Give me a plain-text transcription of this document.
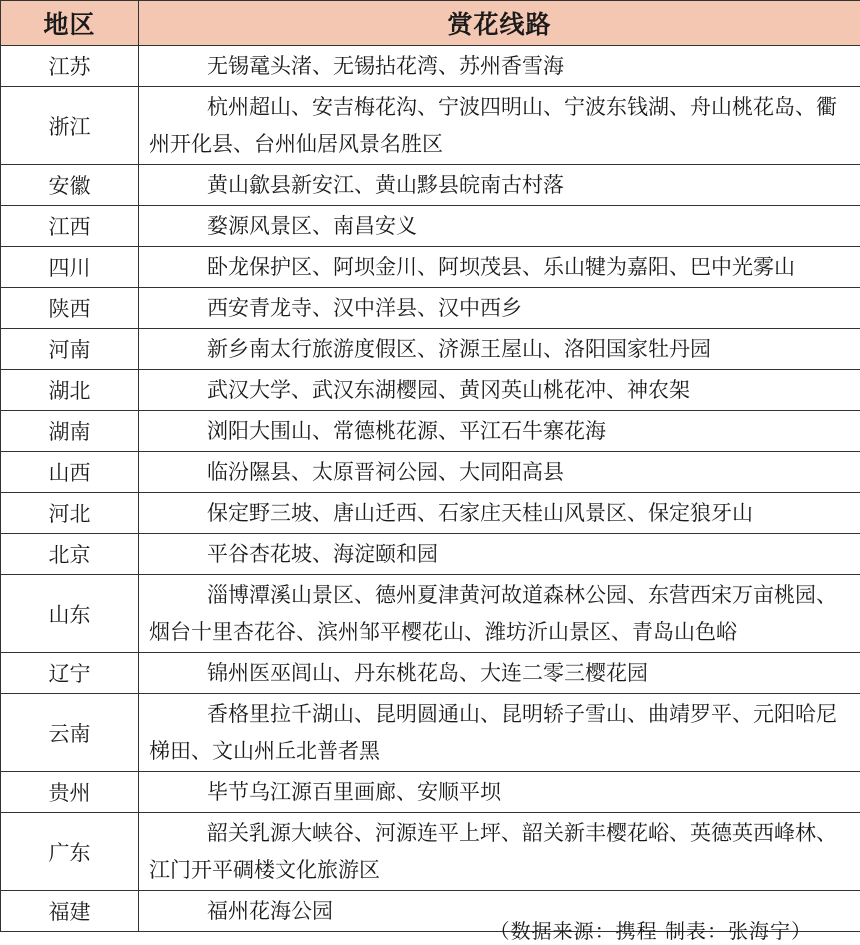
地区	赏花线路
江苏	无锡鼋头渚、无锡拈花湾、苏州香雪海
浙江	杭州超山、安吉梅花沟、宁波四明山、宁波东钱湖、舟山桃花岛、衢州开化县、台州仙居风景名胜区
安徽	黄山歙县新安江、黄山黟县皖南古村落
江西	婺源风景区、南昌安义
四川	卧龙保护区、阿坝金川、阿坝茂县、乐山犍为嘉阳、巴中光雾山
陕西	西安青龙寺、汉中洋县、汉中西乡
河南	新乡南太行旅游度假区、济源王屋山、洛阳国家牡丹园
湖北	武汉大学、武汉东湖樱园、黄冈英山桃花冲、神农架
湖南	浏阳大围山、常德桃花源、平江石牛寨花海
山西	临汾隰县、太原晋祠公园、大同阳高县
河北	保定野三坡、唐山迁西、石家庄天桂山风景区、保定狼牙山
北京	平谷杏花坡、海淀颐和园
山东	淄博潭溪山景区、德州夏津黄河故道森林公园、东营西宋万亩桃园、烟台十里杏花谷、滨州邹平樱花山、潍坊沂山景区、青岛山色峪
辽宁	锦州医巫闾山、丹东桃花岛、大连二零三樱花园
云南	香格里拉千湖山、昆明圆通山、昆明轿子雪山、曲靖罗平、元阳哈尼梯田、文山州丘北普者黑
贵州	毕节乌江源百里画廊、安顺平坝
广东	韶关乳源大峡谷、河源连平上坪、韶关新丰樱花峪、英德英西峰林、江门开平碉楼文化旅游区
福建	福州花海公园
（数据来源：携程 制表：张海宁）
